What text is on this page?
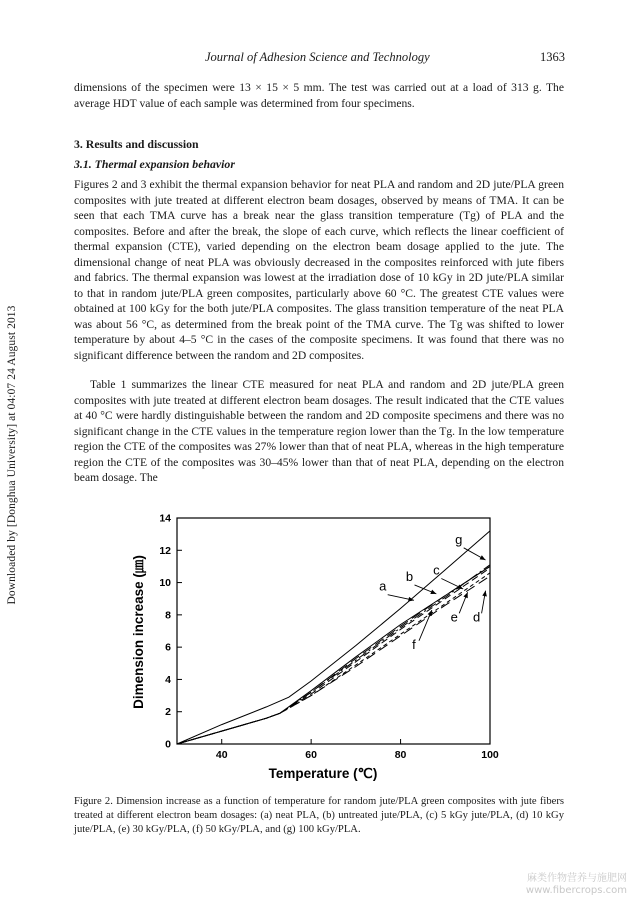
Downloaded by [Donghua University] at 04:07 24 August 2013
Journal of Adhesion Science and Technology	1363

dimensions of the specimen were 13 × 15 × 5 mm. The test was carried out at a load of 313 g. The average HDT value of each sample was determined from four specimens.

3. Results and discussion
3.1. Thermal expansion behavior

Figures 2 and 3 exhibit the thermal expansion behavior for neat PLA and random and 2D jute/PLA green composites with jute treated at different electron beam dosages, observed by means of TMA. It can be seen that each TMA curve has a break near the glass transition temperature (Tg) of PLA and the composites. Before and after the break, the slope of each curve, which reflects the linear coefficient of thermal expansion (CTE), varied depending on the electron beam dosage applied to the jute. The dimensional change of neat PLA was obviously decreased in the composites reinforced with jute fibers and fabrics. The thermal expansion was lowest at the irradiation dose of 10 kGy in 2D jute/PLA similar to that in random jute/PLA green composites, particularly above 60 °C. The greatest CTE values were obtained at 100 kGy for the both jute/PLA composites. The glass transition temperature of the neat PLA was about 56 °C, as determined from the break point of the TMA curve. The Tg was shifted to lower temperature by about 4–5 °C in the cases of the composite specimens. It was found that there was no significant difference between the random and 2D composites.

Table 1 summarizes the linear CTE measured for neat PLA and random and 2D jute/PLA green composites with jute treated at different electron beam dosages. The result indicated that the CTE values at 40 °C were hardly distinguishable between the random and 2D composite specimens and there was no significant change in the CTE values in the temperature region lower than the Tg. In the low temperature region the CTE of the composites was 27% lower than that of neat PLA, whereas in the high temperature region the CTE of the composites was 30–45% lower than that of neat PLA, depending on the electron beam dosage. The

40	60	80	100
0
2
4
6
8
10
12
14
a
b c
d
e
f
g
Temperature (℃)
Dimension increase (㎛)

Figure 2. Dimension increase as a function of temperature for random jute/PLA green composites with jute fibers treated at different electron beam dosages: (a) neat PLA, (b) untreated jute/PLA, (c) 5 kGy jute/PLA, (d) 10 kGy jute/PLA, (e) 30 kGy/PLA, (f) 50 kGy/PLA, and (g) 100 kGy/PLA.

麻类作物营养与施肥网
www.fibercrops.com
